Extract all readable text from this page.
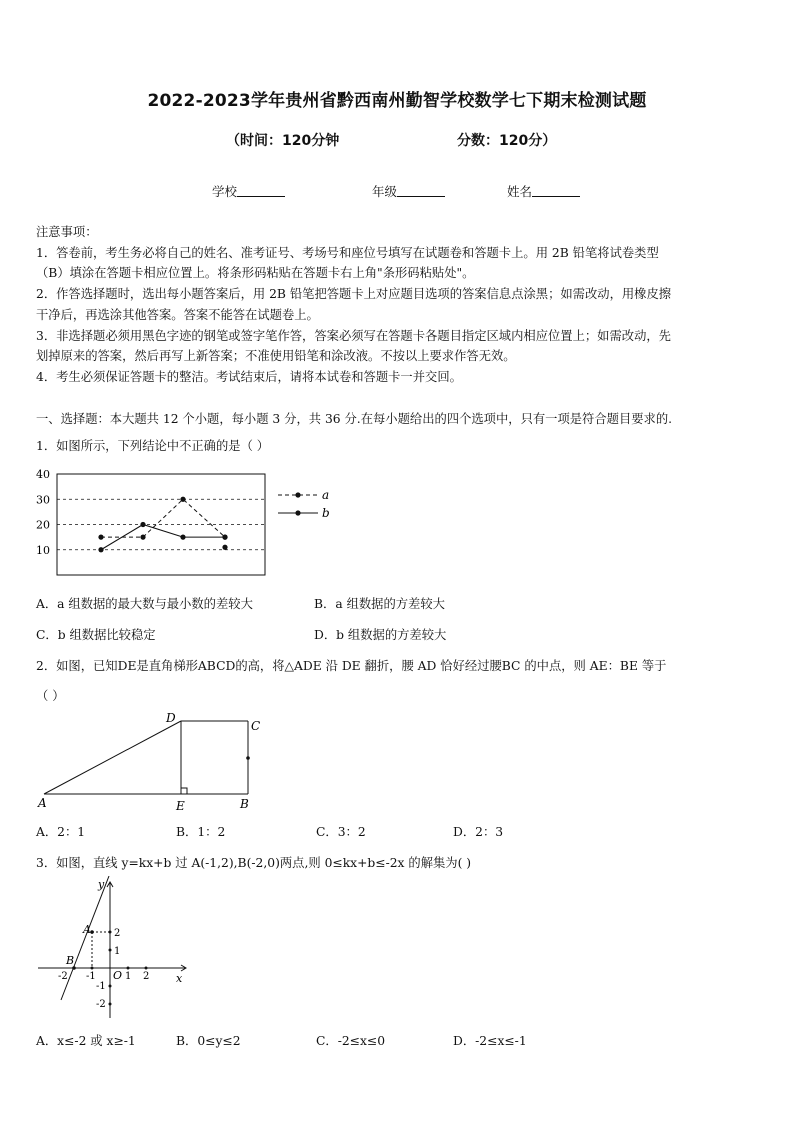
2022-2023学年贵州省黔西南州勤智学校数学七下期末检测试题
（时间：120分钟	分数：120分）
学校	年级	姓名

注意事项：

1．答卷前，考生务必将自己的姓名、准考证号、考场号和座位号填写在试题卷和答题卡上。用 2B 铅笔将试卷类型

（B）填涂在答题卡相应位置上。将条形码粘贴在答题卡右上角"条形码粘贴处"。

2．作答选择题时，选出每小题答案后，用 2B 铅笔把答题卡上对应题目选项的答案信息点涂黑；如需改动，用橡皮擦

干净后，再选涂其他答案。答案不能答在试题卷上。

3．非选择题必须用黑色字迹的钢笔或签字笔作答，答案必须写在答题卡各题目指定区域内相应位置上；如需改动，先

划掉原来的答案，然后再写上新答案；不准使用铅笔和涂改液。不按以上要求作答无效。

4．考生必须保证答题卡的整洁。考试结束后，请将本试卷和答题卡一并交回。

一、选择题：本大题共 12 个小题，每小题 3 分，共 36 分.在每小题给出的四个选项中，只有一项是符合题目要求的.
1．如图所示，下列结论中不正确的是（ ）
10
20
30
40
a
b
A．a 组数据的最大数与最小数的差较大	B．a 组数据的方差较大
C．b 组数据比较稳定	D．b 组数据的方差较大
2．如图，已知DE是直角梯形ABCD的高，将△ADE 沿 DE 翻折，腰 AD 恰好经过腰BC 的中点，则 AE：BE 等于
（ ）
D
C
A	E	B
A．2：1	B．1：2	C．3：2	D．2：3
3．如图，直线 y=kx+b 过 A(-1,2),B(-2,0)两点,则 0≤kx+b≤-2x 的解集为( )
y
x
O
A
B
-2 -1	1 2
2
1
-1
-2
A．x≤-2 或 x≥-1	B．0≤y≤2	C．-2≤x≤0	D．-2≤x≤-1
